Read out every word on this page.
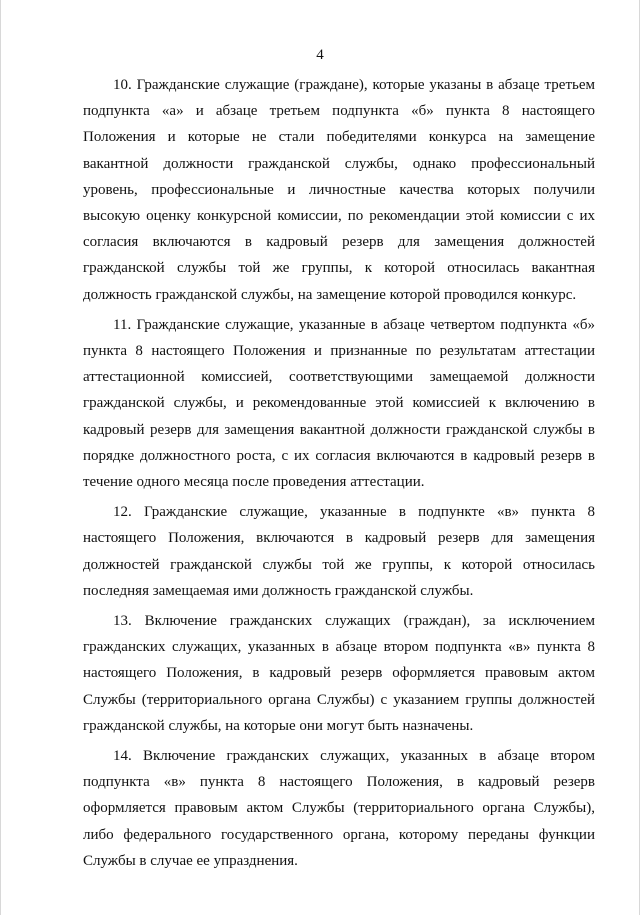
4

10. Гражданские служащие (граждане), которые указаны в абзаце третьем подпункта «а» и абзаце третьем подпункта «б» пункта 8 настоящего Положения и которые не стали победителями конкурса на замещение вакантной должности гражданской службы, однако профессиональный уровень, профессиональные и личностные качества которых получили высокую оценку конкурсной комиссии, по рекомендации этой комиссии с их согласия включаются в кадровый резерв для замещения должностей гражданской службы той же группы, к которой относилась вакантная должность гражданской службы, на замещение которой проводился конкурс.

11. Гражданские служащие, указанные в абзаце четвертом подпункта «б» пункта 8 настоящего Положения и признанные по результатам аттестации аттестационной комиссией, соответствующими замещаемой должности гражданской службы, и рекомендованные этой комиссией к включению в кадровый резерв для замещения вакантной должности гражданской службы в порядке должностного роста, с их согласия включаются в кадровый резерв в течение одного месяца после проведения аттестации.

12. Гражданские служащие, указанные в подпункте «в» пункта 8 настоящего Положения, включаются в кадровый резерв для замещения должностей гражданской службы той же группы, к которой относилась последняя замещаемая ими должность гражданской службы.

13. Включение гражданских служащих (граждан), за исключением гражданских служащих, указанных в абзаце втором подпункта «в» пункта 8 настоящего Положения, в кадровый резерв оформляется правовым актом Службы (территориального органа Службы) с указанием группы должностей гражданской службы, на которые они могут быть назначены.

14. Включение гражданских служащих, указанных в абзаце втором подпункта «в» пункта 8 настоящего Положения, в кадровый резерв оформляется правовым актом Службы (территориального органа Службы), либо федерального государственного органа, которому переданы функции Службы в случае ее упразднения.
